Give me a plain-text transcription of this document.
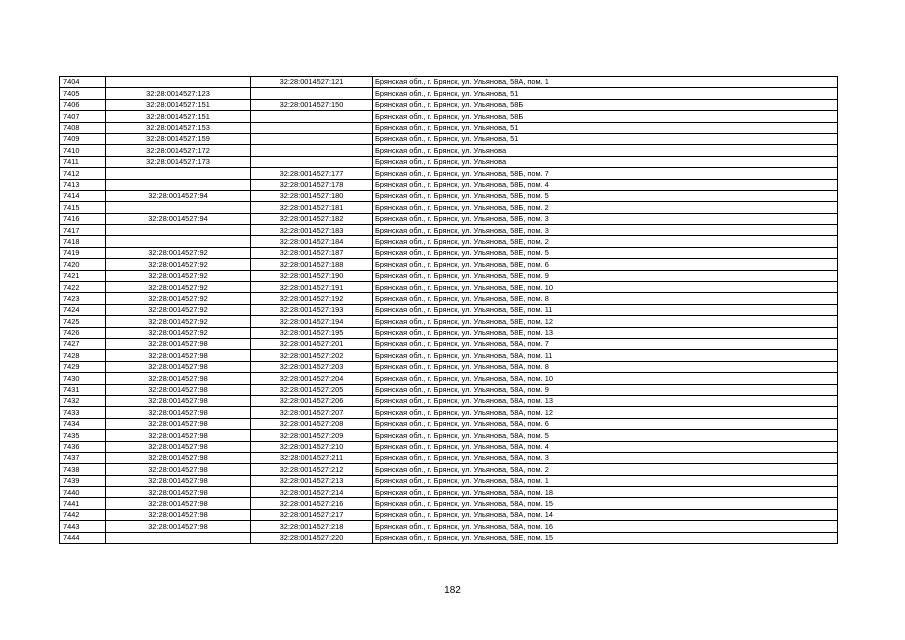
7404		32:28:0014527:121	Брянская обл., г. Брянск, ул. Ульянова, 58А, пом. 1
7405	32:28:0014527:123		Брянская обл., г. Брянск, ул. Ульянова, 51
7406	32:28:0014527:151	32:28:0014527:150	Брянская обл., г. Брянск, ул. Ульянова, 58Б
7407	32:28:0014527:151		Брянская обл., г. Брянск, ул. Ульянова, 58Б
7408	32:28:0014527:153		Брянская обл., г. Брянск, ул. Ульянова, 51
7409	32:28:0014527:159		Брянская обл., г. Брянск, ул. Ульянова, 51
7410	32:28:0014527:172		Брянская обл., г. Брянск, ул. Ульянова
7411	32:28:0014527:173		Брянская обл., г. Брянск, ул. Ульянова
7412		32:28:0014527:177	Брянская обл., г. Брянск, ул. Ульянова, 58Б, пом. 7
7413		32:28:0014527:178	Брянская обл., г. Брянск, ул. Ульянова, 58Б, пом. 4
7414	32:28:0014527:94	32:28:0014527:180	Брянская обл., г. Брянск, ул. Ульянова, 58Б, пом. 5
7415		32:28:0014527:181	Брянская обл., г. Брянск, ул. Ульянова, 58Б, пом. 2
7416	32:28:0014527:94	32:28:0014527:182	Брянская обл., г. Брянск, ул. Ульянова, 58Б, пом. 3
7417		32:28:0014527:183	Брянская обл., г. Брянск, ул. Ульянова, 58Е, пом. 3
7418		32:28:0014527:184	Брянская обл., г. Брянск, ул. Ульянова, 58Е, пом. 2
7419	32:28:0014527:92	32:28:0014527:187	Брянская обл., г. Брянск, ул. Ульянова, 58Е, пом. 5
7420	32:28:0014527:92	32:28:0014527:188	Брянская обл., г. Брянск, ул. Ульянова, 58Е, пом. 6
7421	32:28:0014527:92	32:28:0014527:190	Брянская обл., г. Брянск, ул. Ульянова, 58Е, пом. 9
7422	32:28:0014527:92	32:28:0014527:191	Брянская обл., г. Брянск, ул. Ульянова, 58Е, пом. 10
7423	32:28:0014527:92	32:28:0014527:192	Брянская обл., г. Брянск, ул. Ульянова, 58Е, пом. 8
7424	32:28:0014527:92	32:28:0014527:193	Брянская обл., г. Брянск, ул. Ульянова, 58Е, пом. 11
7425	32:28:0014527:92	32:28:0014527:194	Брянская обл., г. Брянск, ул. Ульянова, 58Е, пом. 12
7426	32:28:0014527:92	32:28:0014527:195	Брянская обл., г. Брянск, ул. Ульянова, 58Е, пом. 13
7427	32:28:0014527:98	32:28:0014527:201	Брянская обл., г. Брянск, ул. Ульянова, 58А, пом. 7
7428	32:28:0014527:98	32:28:0014527:202	Брянская обл., г. Брянск, ул. Ульянова, 58А, пом. 11
7429	32:28:0014527:98	32:28:0014527:203	Брянская обл., г. Брянск, ул. Ульянова, 58А, пом. 8
7430	32:28:0014527:98	32:28:0014527:204	Брянская обл., г. Брянск, ул. Ульянова, 58А, пом. 10
7431	32:28:0014527:98	32:28:0014527:205	Брянская обл., г. Брянск, ул. Ульянова, 58А, пом. 9
7432	32:28:0014527:98	32:28:0014527:206	Брянская обл., г. Брянск, ул. Ульянова, 58А, пом. 13
7433	32:28:0014527:98	32:28:0014527:207	Брянская обл., г. Брянск, ул. Ульянова, 58А, пом. 12
7434	32:28:0014527:98	32:28:0014527:208	Брянская обл., г. Брянск, ул. Ульянова, 58А, пом. 6
7435	32:28:0014527:98	32:28:0014527:209	Брянская обл., г. Брянск, ул. Ульянова, 58А, пом. 5
7436	32:28:0014527:98	32:28:0014527:210	Брянская обл., г. Брянск, ул. Ульянова, 58А, пом. 4
7437	32:28:0014527:98	32:28:0014527:211	Брянская обл., г. Брянск, ул. Ульянова, 58А, пом. 3
7438	32:28:0014527:98	32:28:0014527:212	Брянская обл., г. Брянск, ул. Ульянова, 58А, пом. 2
7439	32:28:0014527:98	32:28:0014527:213	Брянская обл., г. Брянск, ул. Ульянова, 58А, пом. 1
7440	32:28:0014527:98	32:28:0014527:214	Брянская обл., г. Брянск, ул. Ульянова, 58А, пом. 18
7441	32:28:0014527:98	32:28:0014527:216	Брянская обл., г. Брянск, ул. Ульянова, 58А, пом. 15
7442	32:28:0014527:98	32:28:0014527:217	Брянская обл., г. Брянск, ул. Ульянова, 58А, пом. 14
7443	32:28:0014527:98	32:28:0014527:218	Брянская обл., г. Брянск, ул. Ульянова, 58А, пом. 16
7444		32:28:0014527:220	Брянская обл., г. Брянск, ул. Ульянова, 58Е, пом. 15
182
